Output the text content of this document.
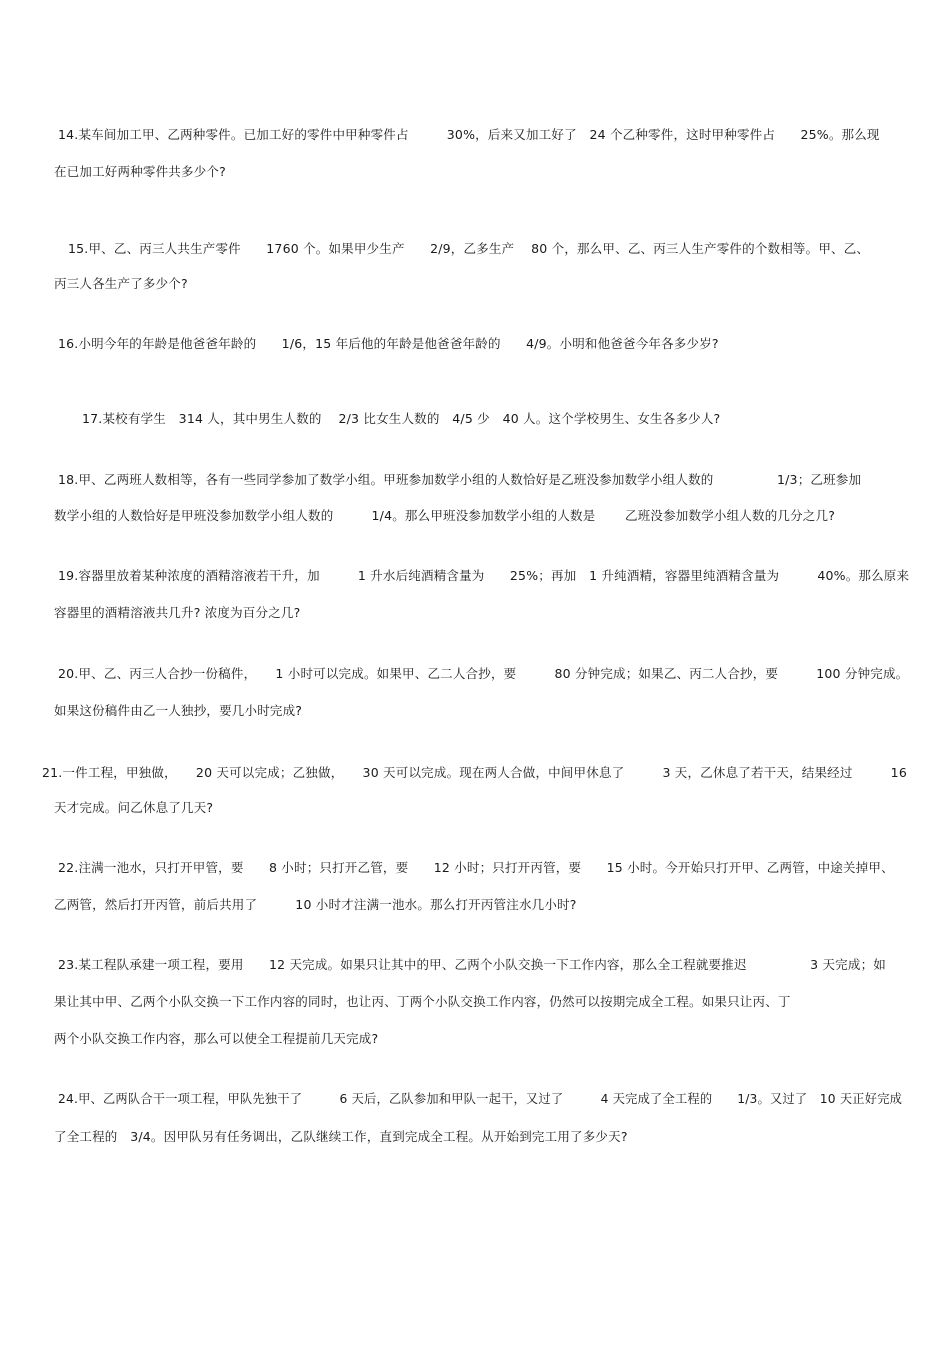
14.某车间加工甲、乙两种零件。已加工好的零件中甲种零件占　　　30%，后来又加工好了　24 个乙种零件，这时甲种零件占　　25%。那么现
在已加工好两种零件共多少个?
15.甲、乙、丙三人共生产零件　　1760 个。如果甲少生产　　2/9，乙多生产　 80 个，那么甲、乙、丙三人生产零件的个数相等。甲、乙、
丙三人各生产了多少个?
16.小明今年的年龄是他爸爸年龄的　　1/6，15 年后他的年龄是他爸爸年龄的　　4/9。小明和他爸爸今年各多少岁?
17.某校有学生　314 人，其中男生人数的　 2/3 比女生人数的　4/5 少　40 人。这个学校男生、女生各多少人?
18.甲、乙两班人数相等，各有一些同学参加了数学小组。甲班参加数学小组的人数恰好是乙班没参加数学小组人数的　　　　　1/3；乙班参加
数学小组的人数恰好是甲班没参加数学小组人数的　　　1/4。那么甲班没参加数学小组的人数是　　 乙班没参加数学小组人数的几分之几?
19.容器里放着某种浓度的酒精溶液若干升，加　　　1 升水后纯酒精含量为　　25%；再加　1 升纯酒精，容器里纯酒精含量为　　　40%。那么原来
容器里的酒精溶液共几升? 浓度为百分之几?
20.甲、乙、丙三人合抄一份稿件，　　1 小时可以完成。如果甲、乙二人合抄，要　　　80 分钟完成；如果乙、丙二人合抄，要　　　100 分钟完成。
如果这份稿件由乙一人独抄，要几小时完成?
21.一件工程，甲独做，　　20 天可以完成；乙独做，　　30 天可以完成。现在两人合做，中间甲休息了　　　3 天，乙休息了若干天，结果经过　　　16
天才完成。问乙休息了几天?
22.注满一池水，只打开甲管，要　　8 小时；只打开乙管，要　　12 小时；只打开丙管，要　　15 小时。今开始只打开甲、乙两管，中途关掉甲、
乙两管，然后打开丙管，前后共用了　　　10 小时才注满一池水。那么打开丙管注水几小时?
23.某工程队承建一项工程，要用　　12 天完成。如果只让其中的甲、乙两个小队交换一下工作内容，那么全工程就要推迟　　　　　3 天完成；如
果让其中甲、乙两个小队交换一下工作内容的同时，也让丙、丁两个小队交换工作内容，仍然可以按期完成全工程。如果只让丙、丁
两个小队交换工作内容，那么可以使全工程提前几天完成?
24.甲、乙两队合干一项工程，甲队先独干了　　　6 天后，乙队参加和甲队一起干，又过了　　　4 天完成了全工程的　　1/3。又过了　10 天正好完成
了全工程的　3/4。因甲队另有任务调出，乙队继续工作，直到完成全工程。从开始到完工用了多少天?
